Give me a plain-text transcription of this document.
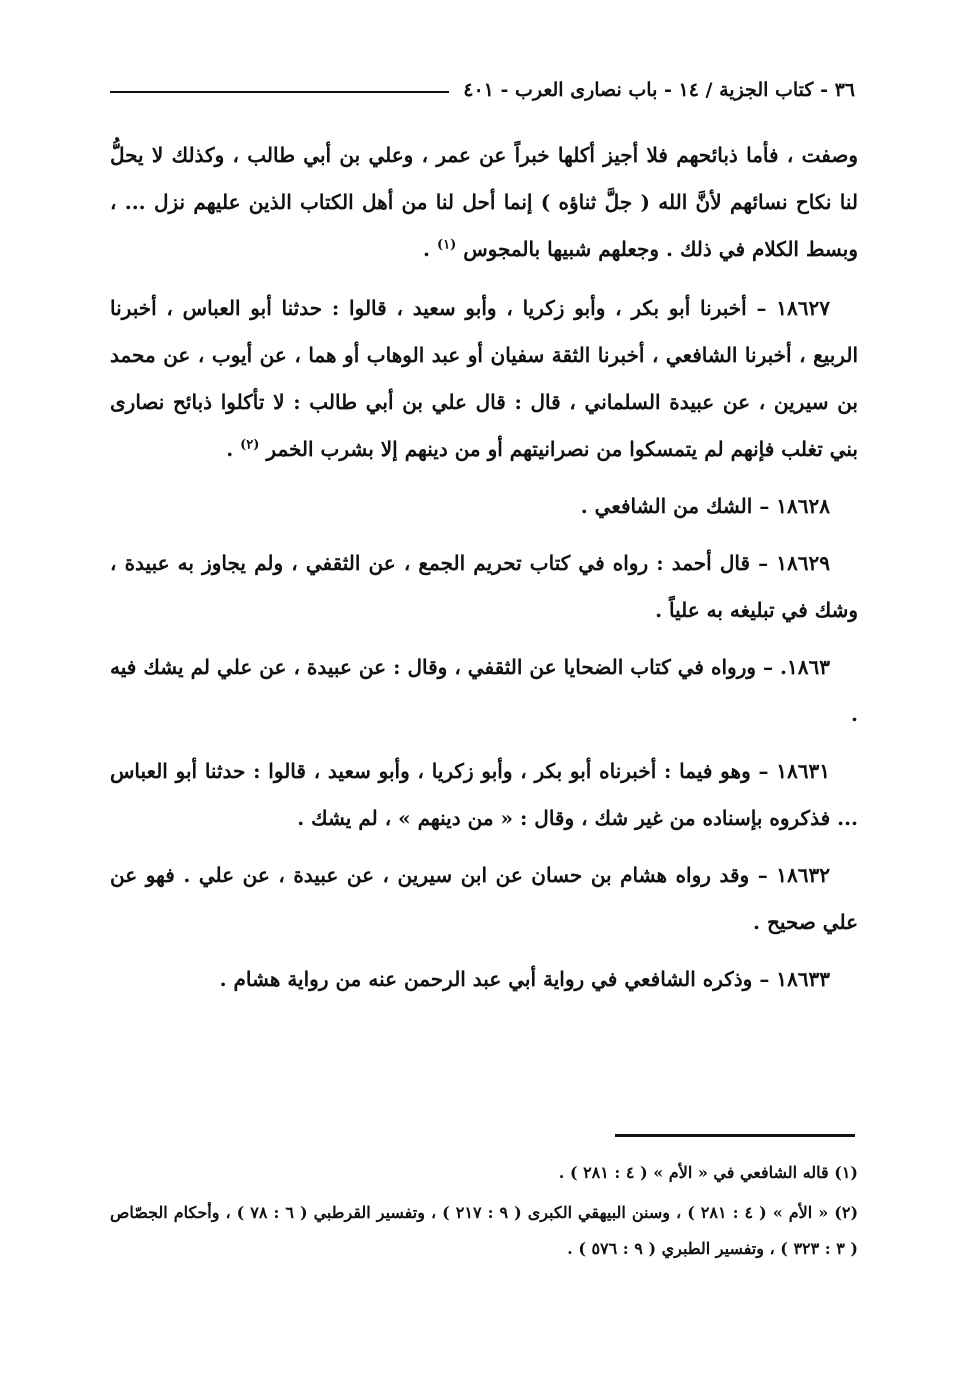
٣٦ - كتاب الجزية / ١٤ - باب نصارى العرب - ٤٠١

وصفت ، فأما ذبائحهم فلا أجيز أكلها خبراً عن عمر ، وعلي بن أبي طالب ، وكذلك لا يحلُّ لنا نكاح نسائهم لأنَّ الله ( جلَّ ثناؤه ) إنما أحل لنا من أهل الكتاب الذين عليهم نزل ... ، وبسط الكلام في ذلك . وجعلهم شبيها بالمجوس $^{(١)}$ .

١٨٦٢٧ – أخبرنا أبو بكر ، وأبو زكريا ، وأبو سعيد ، قالوا : حدثنا أبو العباس ، أخبرنا الربيع ، أخبرنا الشافعي ، أخبرنا الثقة سفيان أو عبد الوهاب أو هما ، عن أيوب ، عن محمد بن سيرين ، عن عبيدة السلماني ، قال : قال علي بن أبي طالب : لا تأكلوا ذبائح نصارى بني تغلب فإنهم لم يتمسكوا من نصرانيتهم أو من دينهم إلا بشرب الخمر $^{(٢)}$ .

١٨٦٢٨ – الشك من الشافعي .

١٨٦٢٩ – قال أحمد : رواه في كتاب تحريم الجمع ، عن الثقفي ، ولم يجاوز به عبيدة ، وشك في تبليغه به علياً .

١٨٦٣. – ورواه في كتاب الضحايا عن الثقفي ، وقال : عن عبيدة ، عن علي لم يشك فيه .

١٨٦٣١ – وهو فيما : أخبرناه أبو بكر ، وأبو زكريا ، وأبو سعيد ، قالوا : حدثنا أبو العباس ... فذكروه بإسناده من غير شك ، وقال : « من دينهم » ، لم يشك .

١٨٦٣٢ – وقد رواه هشام بن حسان عن ابن سيرين ، عن عبيدة ، عن علي . فهو عن علي صحيح .

١٨٦٣٣ – وذكره الشافعي في رواية أبي عبد الرحمن عنه من رواية هشام .

(١) قاله الشافعي في « الأم » ( ٤ : ٢٨١ ) .

(٢) « الأم » ( ٤ : ٢٨١ ) ، وسنن البيهقي الكبرى ( ٩ : ٢١٧ ) ، وتفسير القرطبي ( ٦ : ٧٨ ) ، وأحكام الجصّاص ( ٣ : ٣٢٣ ) ، وتفسير الطبري ( ٩ : ٥٧٦ ) .
